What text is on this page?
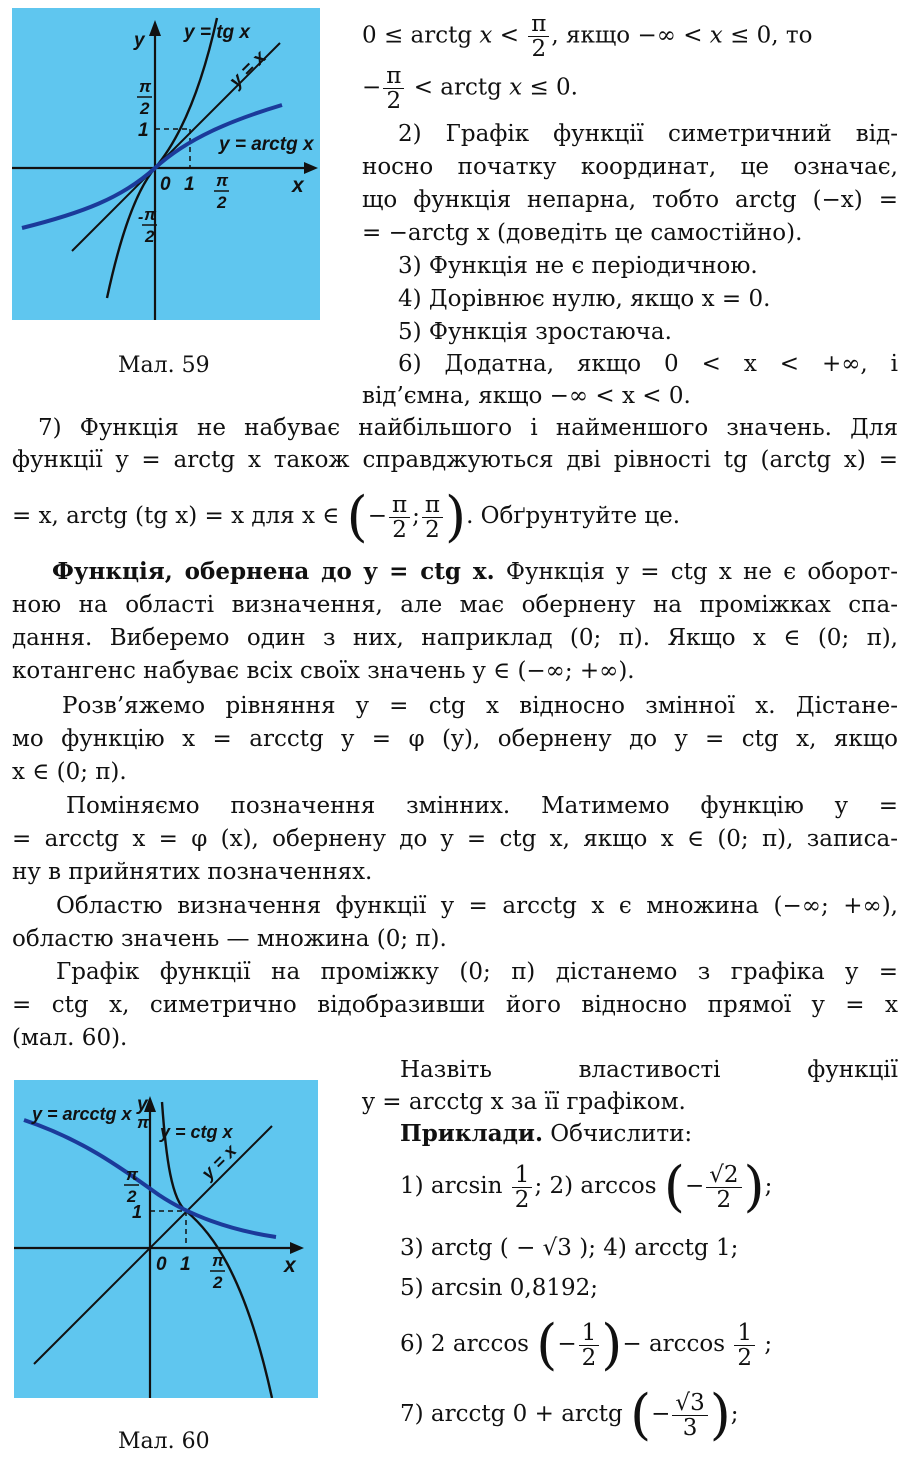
y y = tg x
y = x
y = arctg x
π
2
1
0 1 π
2
x
- π
2
Мал. 59
0 ≤ arctg $x < \frac{\pi}{2}$ , якщо −∞ < x ≤ 0, то
− $\frac{\pi}{2}$ < arctg x ≤ 0.
2) Графік функції симетричний від-
носно початку координат, це означає,
що функція непарна, тобто arctg (−x) =
= −arctg x (доведіть це самостійно).
3) Функція не є періодичною.
4) Дорівнює нулю, якщо x = 0.
5) Функція зростаюча.
6) Додатна, якщо 0 < x < +∞, і
від’ємна, якщо −∞ < x < 0.
7) Функція не набуває найбільшого і найменшого значень. Для
функції y = arctg x також справджуються дві рівності tg (arctg x) =
= x, arctg (tg x) = x для x ∈ (− $\frac{\pi}{2}$ ; $\frac{\pi}{2}$ ). Обґрунтуйте це.
Функція, обернена до y = ctg x. Функція y = ctg x не є оборот-
ною на області визначення, але має обернену на проміжках спа-
дання. Виберемо один з них, наприклад (0; π). Якщо x ∈ (0; π),
котангенс набуває всіх своїх значень y ∈ (−∞; +∞).
Розв’яжемо рівняння y = ctg x відносно змінної x. Дістане-
мо функцію x = arcctg y = φ (y), обернену до y = ctg x, якщо
x ∈ (0; π).
Поміняємо позначення змінних. Матимемо функцію y =
= arcctg x = φ (x), обернену до y = ctg x, якщо x ∈ (0; π), записа-
ну в прийнятих позначеннях.
Областю визначення функції y = arcctg x є множина (−∞; +∞),
областю значень — множина (0; π).
Графік функції на проміжку (0; π) дістанемо з графіка y =
= ctg x, симетрично відобразивши його відносно прямої y = x
(мал. 60).
y = arcctg x y
π y = ctg x
y = x
π
2
1
0 1 π
2
x
Мал. 60
Назвіть властивості функції
y = arcctg x за її графіком.
Приклади. Обчислити:
1) $\arcsin \frac{1}{2}$ ; 2) arccos (− $\frac{√2}{2}$ );
3) arctg ( − √3 ); 4) arcctg 1;
5) arcsin 0,8192;
6) 2 arccos (− $\frac{1}{2}$ )− $\arccos \frac{1}{2}$ ;
7) arcctg 0 + arctg (− $\frac{√3}{3}$ );
